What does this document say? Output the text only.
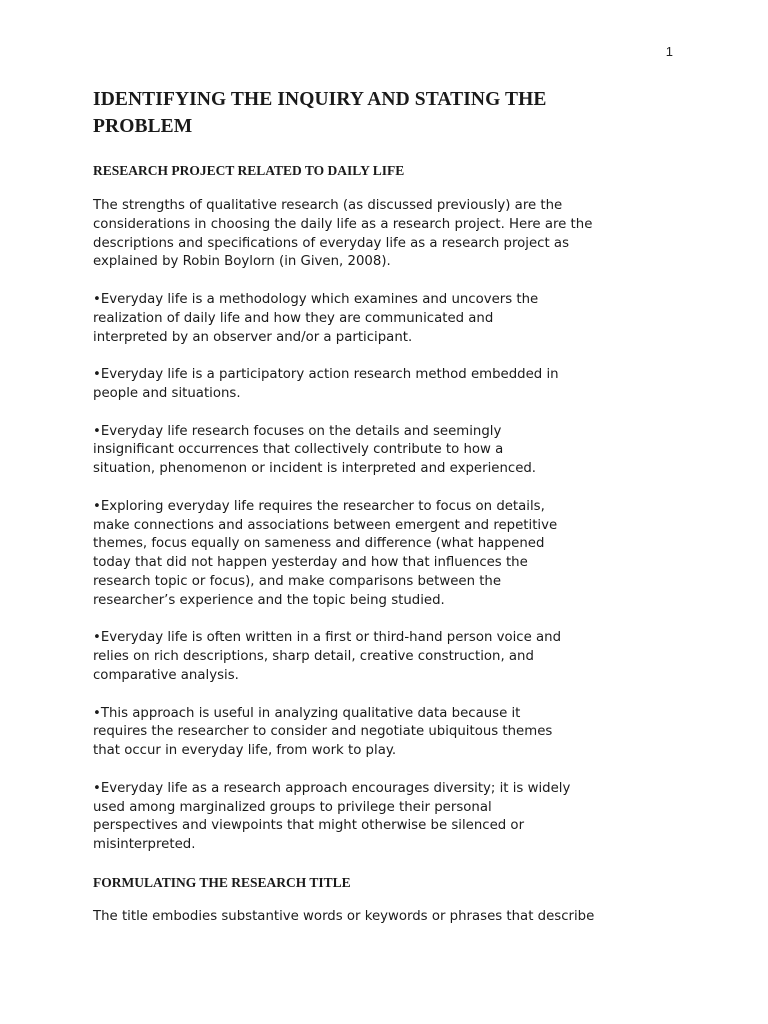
1
IDENTIFYING THE INQUIRY AND STATING THE PROBLEM
RESEARCH PROJECT RELATED TO DAILY LIFE

The strengths of qualitative research (as discussed previously) are the
considerations in choosing the daily life as a research project. Here are the
descriptions and specifications of everyday life as a research project as
explained by Robin Boylorn (in Given, 2008).

•Everyday life is a methodology which examines and uncovers the
realization of daily life and how they are communicated and
interpreted by an observer and/or a participant.

•Everyday life is a participatory action research method embedded in
people and situations.

•Everyday life research focuses on the details and seemingly
insignificant occurrences that collectively contribute to how a
situation, phenomenon or incident is interpreted and experienced.

•Exploring everyday life requires the researcher to focus on details,
make connections and associations between emergent and repetitive
themes, focus equally on sameness and difference (what happened
today that did not happen yesterday and how that influences the
research topic or focus), and make comparisons between the
researcher’s experience and the topic being studied.

•Everyday life is often written in a first or third-hand person voice and
relies on rich descriptions, sharp detail, creative construction, and
comparative analysis.

•This approach is useful in analyzing qualitative data because it
requires the researcher to consider and negotiate ubiquitous themes
that occur in everyday life, from work to play.

•Everyday life as a research approach encourages diversity; it is widely
used among marginalized groups to privilege their personal
perspectives and viewpoints that might otherwise be silenced or
misinterpreted.

FORMULATING THE RESEARCH TITLE

The title embodies substantive words or keywords or phrases that describe
